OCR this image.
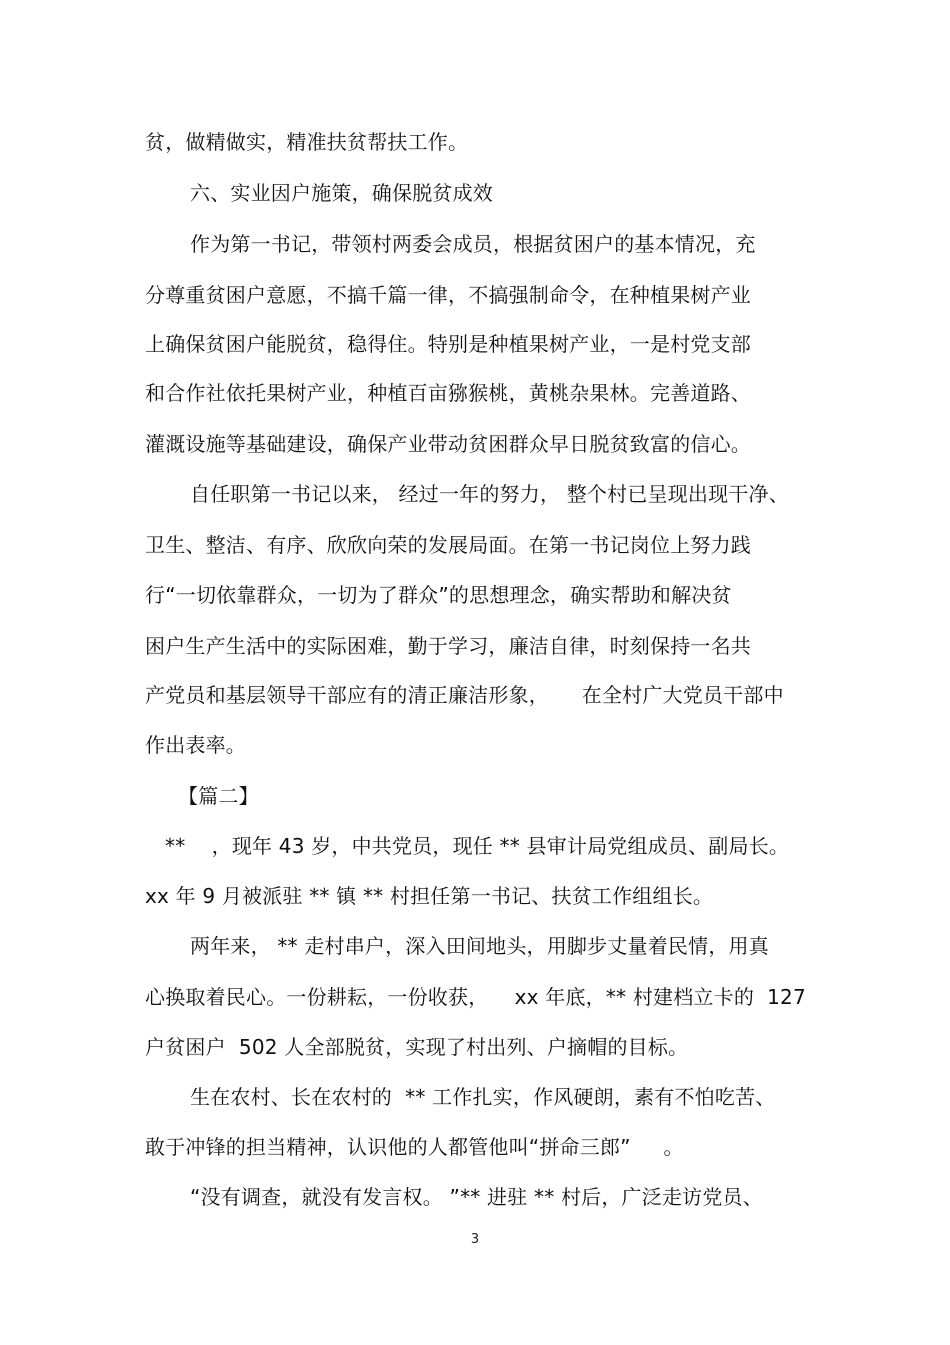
贫，做精做实，精准扶贫帮扶工作。
六、实业因户施策，确保脱贫成效
作为第一书记，带领村两委会成员，根据贫困户的基本情况，充
分尊重贫困户意愿，不搞千篇一律，不搞强制命令，在种植果树产业
上确保贫困户能脱贫，稳得住。特别是种植果树产业，一是村党支部
和合作社依托果树产业，种植百亩猕猴桃，黄桃杂果林。完善道路、
灌溉设施等基础建设，确保产业带动贫困群众早日脱贫致富的信心。
自任职第一书记以来， 经过一年的努力， 整个村已呈现出现干净、
卫生、整洁、有序、欣欣向荣的发展局面。在第一书记岗位上努力践
行“一切依靠群众，一切为了群众”的思想理念，确实帮助和解决贫
困户生产生活中的实际困难，勤于学习，廉洁自律，时刻保持一名共
产党员和基层领导干部应有的清正廉洁形象，     在全村广大党员干部中
作出表率。
【篇二】
**    ，现年 43 岁，中共党员，现任 ** 县审计局党组成员、副局长。
xx 年 9 月被派驻 ** 镇 ** 村担任第一书记、扶贫工作组组长。
两年来， ** 走村串户，深入田间地头，用脚步丈量着民情，用真
心换取着民心。一份耕耘，一份收获，    xx 年底，** 村建档立卡的  127
户贫困户  502 人全部脱贫，实现了村出列、户摘帽的目标。
生在农村、长在农村的  ** 工作扎实，作风硬朗，素有不怕吃苦、
敢于冲锋的担当精神，认识他的人都管他叫“拼命三郎”     。
“没有调查，就没有发言权。 ”** 进驻 ** 村后，广泛走访党员、
3
